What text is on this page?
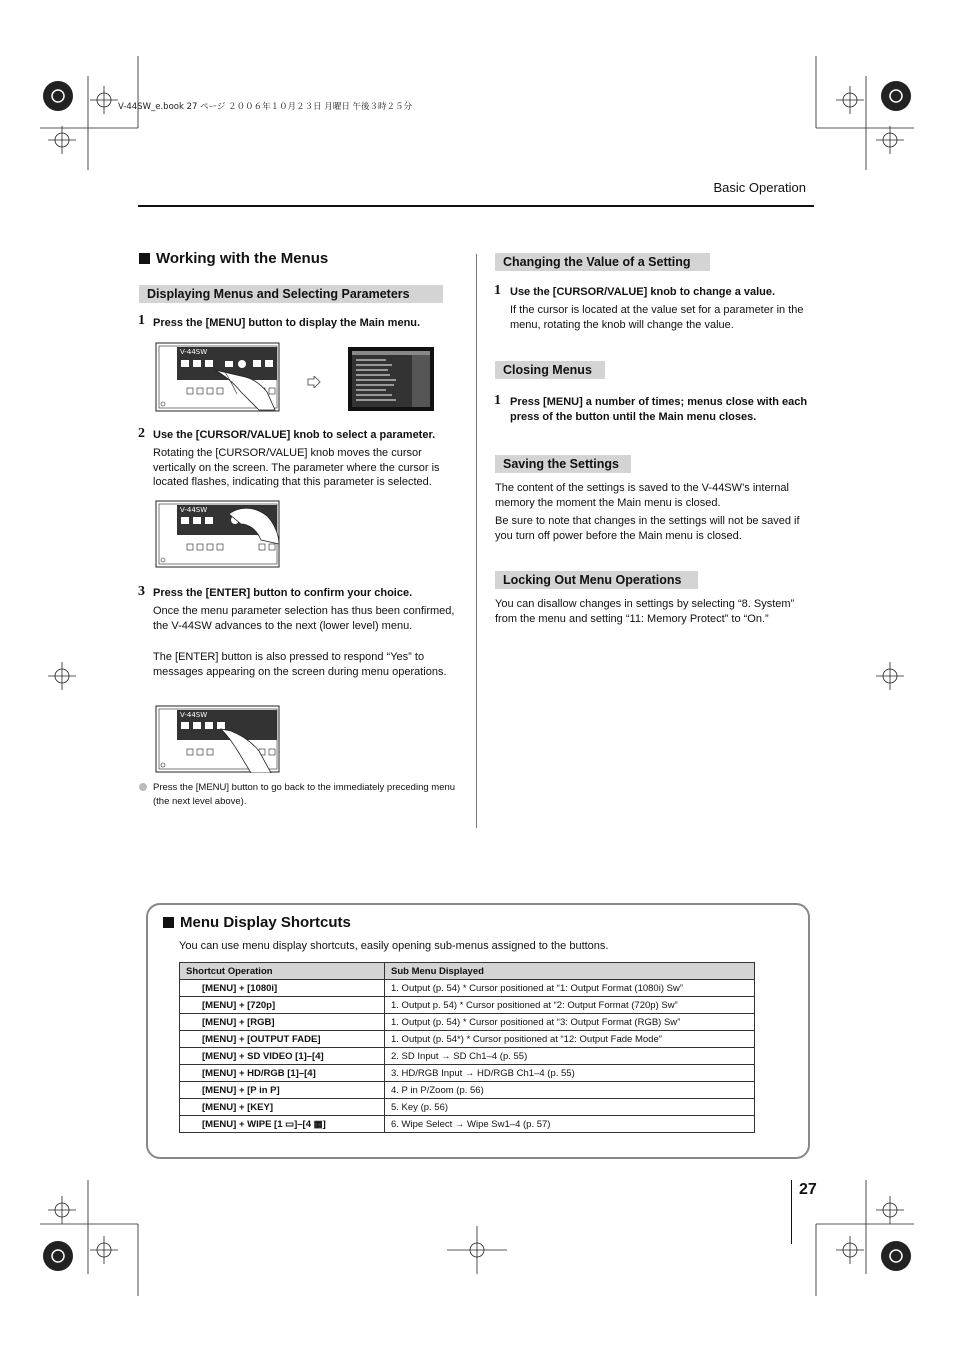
V-44SW_e.book 27 ページ ２００６年１０月２３日 月曜日 午後３時２５分
Basic Operation
Working with the Menus
Displaying Menus and Selecting Parameters
1 Press the [MENU] button to display the Main menu.
V-44SW
2 Use the [CURSOR/VALUE] knob to select a parameter.
Rotating the [CURSOR/VALUE] knob moves the cursor vertically on the screen. The parameter where the cursor is located flashes, indicating that this parameter is selected.
V-44SW
3 Press the [ENTER] button to confirm your choice.
Once the menu parameter selection has thus been confirmed, the V-44SW advances to the next (lower level) menu.
The [ENTER] button is also pressed to respond “Yes” to messages appearing on the screen during menu operations.
V-44SW
Press the [MENU] button to go back to the immediately preceding menu (the next level above).
Changing the Value of a Setting
1 Use the [CURSOR/VALUE] knob to change a value.
If the cursor is located at the value set for a parameter in the menu, rotating the knob will change the value.
Closing Menus
1 Press [MENU] a number of times; menus close with each press of the button until the Main menu closes.
Saving the Settings
The content of the settings is saved to the V-44SW’s internal memory the moment the Main menu is closed.
Be sure to note that changes in the settings will not be saved if you turn off power before the Main menu is closed.
Locking Out Menu Operations
You can disallow changes in settings by selecting “8. System” from the menu and setting “11: Memory Protect” to “On.”
Menu Display Shortcuts
You can use menu display shortcuts, easily opening sub-menus assigned to the buttons.
Shortcut Operation	Sub Menu Displayed
[MENU] + [1080i]	1. Output (p. 54) * Cursor positioned at “1: Output Format (1080i) Sw”
[MENU] + [720p]	1. Output p. 54) * Cursor positioned at “2: Output Format (720p) Sw”
[MENU] + [RGB]	1. Output (p. 54) * Cursor positioned at “3: Output Format (RGB) Sw”
[MENU] + [OUTPUT FADE]	1. Output (p. 54*) * Cursor positioned at “12: Output Fade Mode”
[MENU] + SD VIDEO [1]–[4]	2. SD Input → SD Ch1–4 (p. 55)
[MENU] + HD/RGB [1]–[4]	3. HD/RGB Input → HD/RGB Ch1–4 (p. 55)
[MENU] + [P in P]	4. P in P/Zoom (p. 56)
[MENU] + [KEY]	5. Key (p. 56)
[MENU] + WIPE [1 ▭]–[4 ▦]	6. Wipe Select → Wipe Sw1–4 (p. 57)
27
